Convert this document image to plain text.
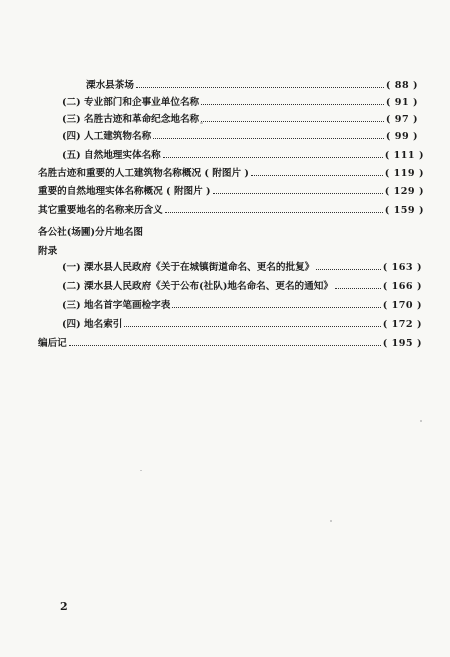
溧水县茶场	( 88 )
(二) 专业部门和企事业单位名称	( 91 )
(三) 名胜古迹和革命纪念地名称	( 97 )
(四) 人工建筑物名称	( 99 )
(五) 自然地理实体名称	( 111 )
名胜古迹和重要的人工建筑物名称概况 ( 附图片 )	( 119 )
重要的自然地理实体名称概况 ( 附图片 )	( 129 )
其它重要地名的名称来历含义	( 159 )
各公社(场圃)分片地名图
附录
(一) 溧水县人民政府《关于在城镇街道命名、更名的批复》	( 163 )
(二) 溧水县人民政府《关于公布(社队)地名命名、更名的通知》	( 166 )
(三) 地名首字笔画检字表	( 170 )
(四) 地名索引	( 172 )
编后记	( 195 )
2
